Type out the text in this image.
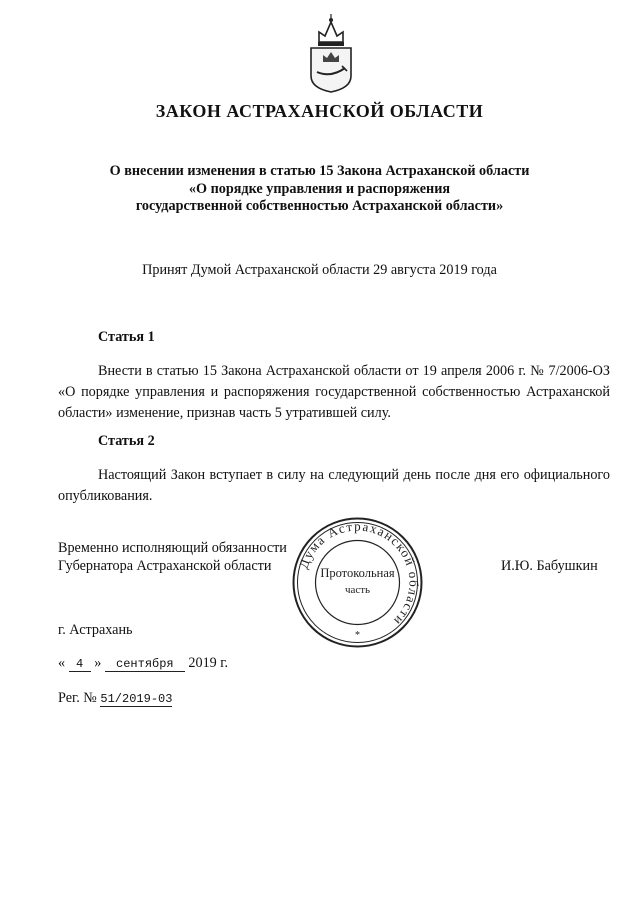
ЗАКОН АСТРАХАНСКОЙ ОБЛАСТИ
О внесении изменения в статью 15 Закона Астраханской области
«О порядке управления и распоряжения
государственной собственностью Астраханской области»
Принят Думой Астраханской области 29 августа 2019 года
Статья 1
Внести в статью 15 Закона Астраханской области от 19 апреля 2006 г. № 7/2006-ОЗ «О порядке управления и распоряжения государственной собственностью Астраханской области» изменение, признав часть 5 утратившей силу.
Статья 2
Настоящий Закон вступает в силу на следующий день после дня его официального опубликования.
Временно исполняющий обязанности
Губернатора Астраханской области	И.Ю. Бабушкин
Дума Астраханской области
Протокольная
часть
*
г. Астрахань
« 4 » сентября 2019 г.
Рег. № 51/2019-03
